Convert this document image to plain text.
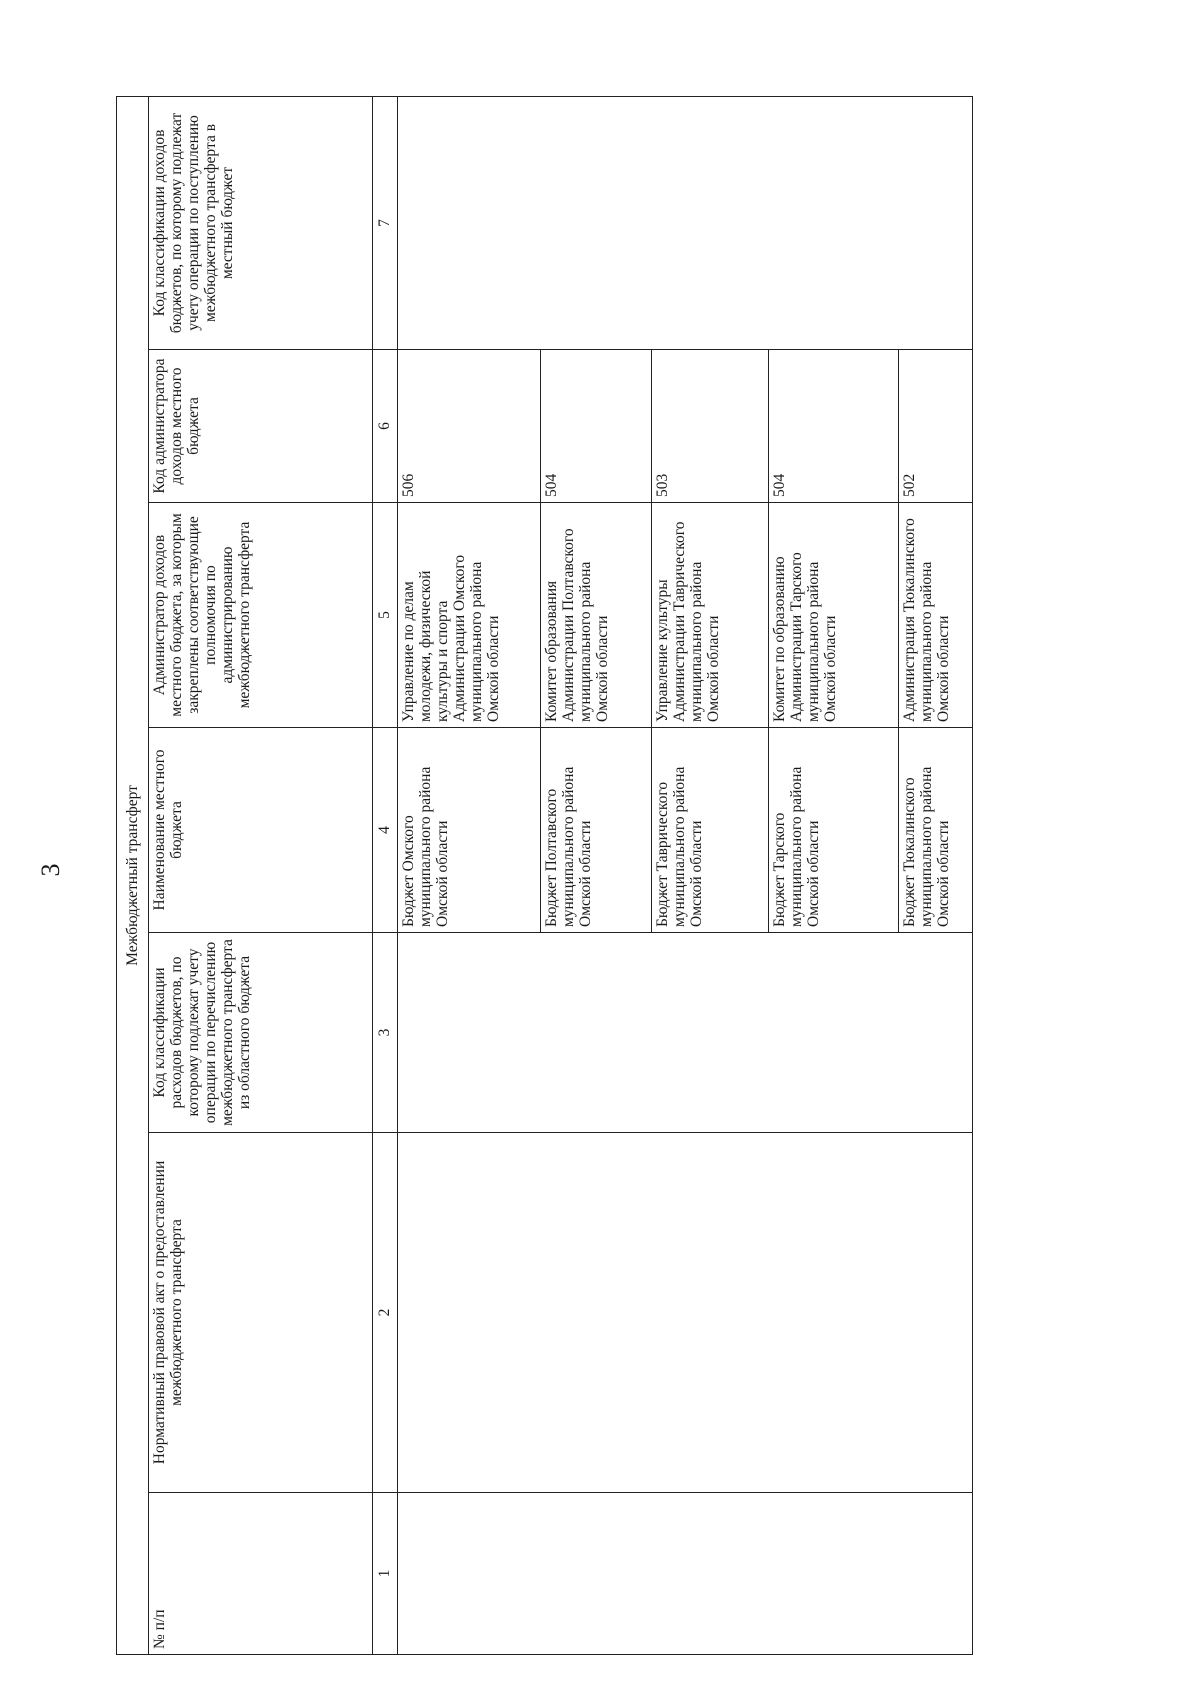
3	Межбюджетный трансферт						
№ п/п	Нормативный правовой акт о предоставлении межбюджетного трансферта	Код классификации расходов бюджетов, по которому подлежат учету операции по перечислению межбюджетного трансферта из областного бюджета	Наименование местного бюджета	Администратор доходов местного бюджета, за которым закреплены соответствующие полномочия по администрированию межбюджетного трансферта	Код администратора доходов местного бюджета	Код классификации доходов бюджетов, по которому подлежат учету операции по поступлению межбюджетного трансферта в местный бюджет
1	2	3	4	5	6	7
			Бюджет Омского муниципального района Омской области	Управление по делам молодежи, физической культуры и спорта Администрации Омского муниципального района Омской области	506	
			Бюджет Полтавского муниципального района Омской области	Комитет образования Администрации Полтавского муниципального района Омской области	504	
			Бюджет Таврического муниципального района Омской области	Управление культуры Администрации Таврического муниципального района Омской области	503	
			Бюджет Тарского муниципального района Омской области	Комитет по образованию Администрации Тарского муниципального района Омской области	504	
			Бюджет Тюкалинского муниципального района Омской области	Администрация Тюкалинского муниципального района Омской области	502	
